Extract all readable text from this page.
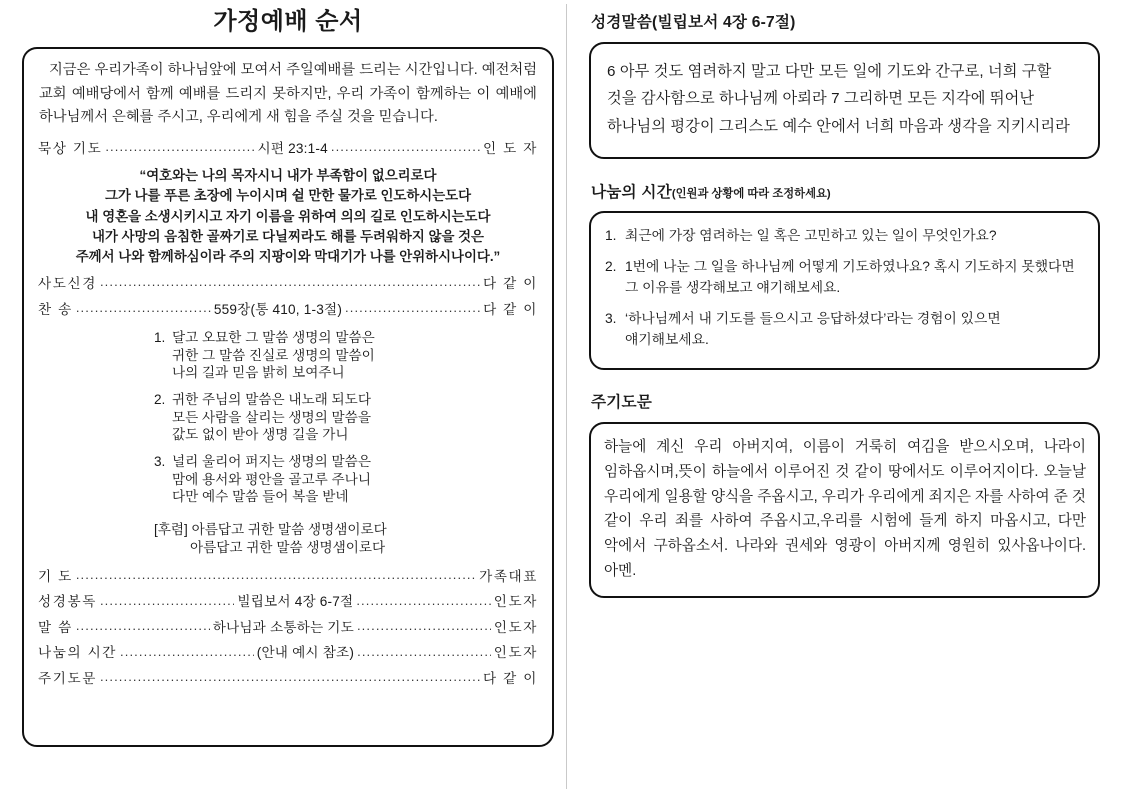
가정예배 순서
지금은 우리가족이 하나님앞에 모여서 주일예배를 드리는 시간입니다. 예전처럼 교회 예배당에서 함께 예배를 드리지 못하지만, 우리 가족이 함께하는 이 예배에 하나님께서 은혜를 주시고, 우리에게 새 힘을 주실 것을 믿습니다.
묵상 기도 .....	시편 23:1-4 .....	인 도 자
“여호와는 나의 목자시니 내가 부족함이 없으리로다
그가 나를 푸른 초장에 누이시며 쉴 만한 물가로 인도하시는도다
내 영혼을 소생시키시고 자기 이름을 위하여 의의 길로 인도하시는도다
내가 사망의 음침한 골짜기로 다닐찌라도 해를 두려워하지 않을 것은
주께서 나와 함께하심이라 주의 지팡이와 막대기가 나를 안위하시나이다.”
사도신경 .....	다 같 이
찬 송 .....	559장(통 410, 1-3절) .....	다 같 이
1. 달고 오묘한 그 말씀 생명의 말씀은
귀한 그 말씀 진실로 생명의 말씀이
나의 길과 믿음 밝히 보여주니
2. 귀한 주님의 말씀은 내노래 되도다
모든 사람을 살리는 생명의 말씀을
값도 없이 받아 생명 길을 가니
3. 널리 울리어 퍼지는 생명의 말씀은
맘에 용서와 평안을 골고루 주나니
다만 예수 말씀 들어 복을 받네
[후렴] 아름답고 귀한 말씀 생명샘이로다
아름답고 귀한 말씀 생명샘이로다
기 도 .....	가족대표
성경봉독 .....	빌립보서 4장 6-7절 .....	인도자
말 씀 .....	하나님과 소통하는 기도 .....	인도자
나눔의 시간 .....	(안내 예시 참조) .....	인도자
주기도문 .....	다 같 이
성경말씀(빌립보서 4장 6-7절)

6 아무 것도 염려하지 말고 다만 모든 일에 기도와 간구로, 너희 구할 것을 감사함으로 하나님께 아뢰라 7 그리하면 모든 지각에 뛰어난 하나님의 평강이 그리스도 예수 안에서 너희 마음과 생각을 지키시리라

나눔의 시간(인원과 상황에 따라 조정하세요)
1. 최근에 가장 염려하는 일 혹은 고민하고 있는 일이 무엇인가요?
2. 1번에 나눈 그 일을 하나님께 어떻게 기도하였나요? 혹시 기도하지 못했다면 그 이유를 생각해보고 얘기해보세요.
3. ‘하나님께서 내 기도를 들으시고 응답하셨다’라는 경험이 있으면 얘기해보세요.
주기도문

하늘에 계신 우리 아버지여, 이름이 거룩히 여김을 받으시오며, 나라이 임하옵시며,뜻이 하늘에서 이루어진 것 같이 땅에서도 이루어지이다. 오늘날 우리에게 일용할 양식을 주옵시고, 우리가 우리에게 죄지은 자를 사하여 준 것 같이 우리 죄를 사하여 주옵시고,우리를 시험에 들게 하지 마옵시고, 다만 악에서 구하옵소서. 나라와 권세와 영광이 아버지께 영원히 있사옵나이다. 아멘.
